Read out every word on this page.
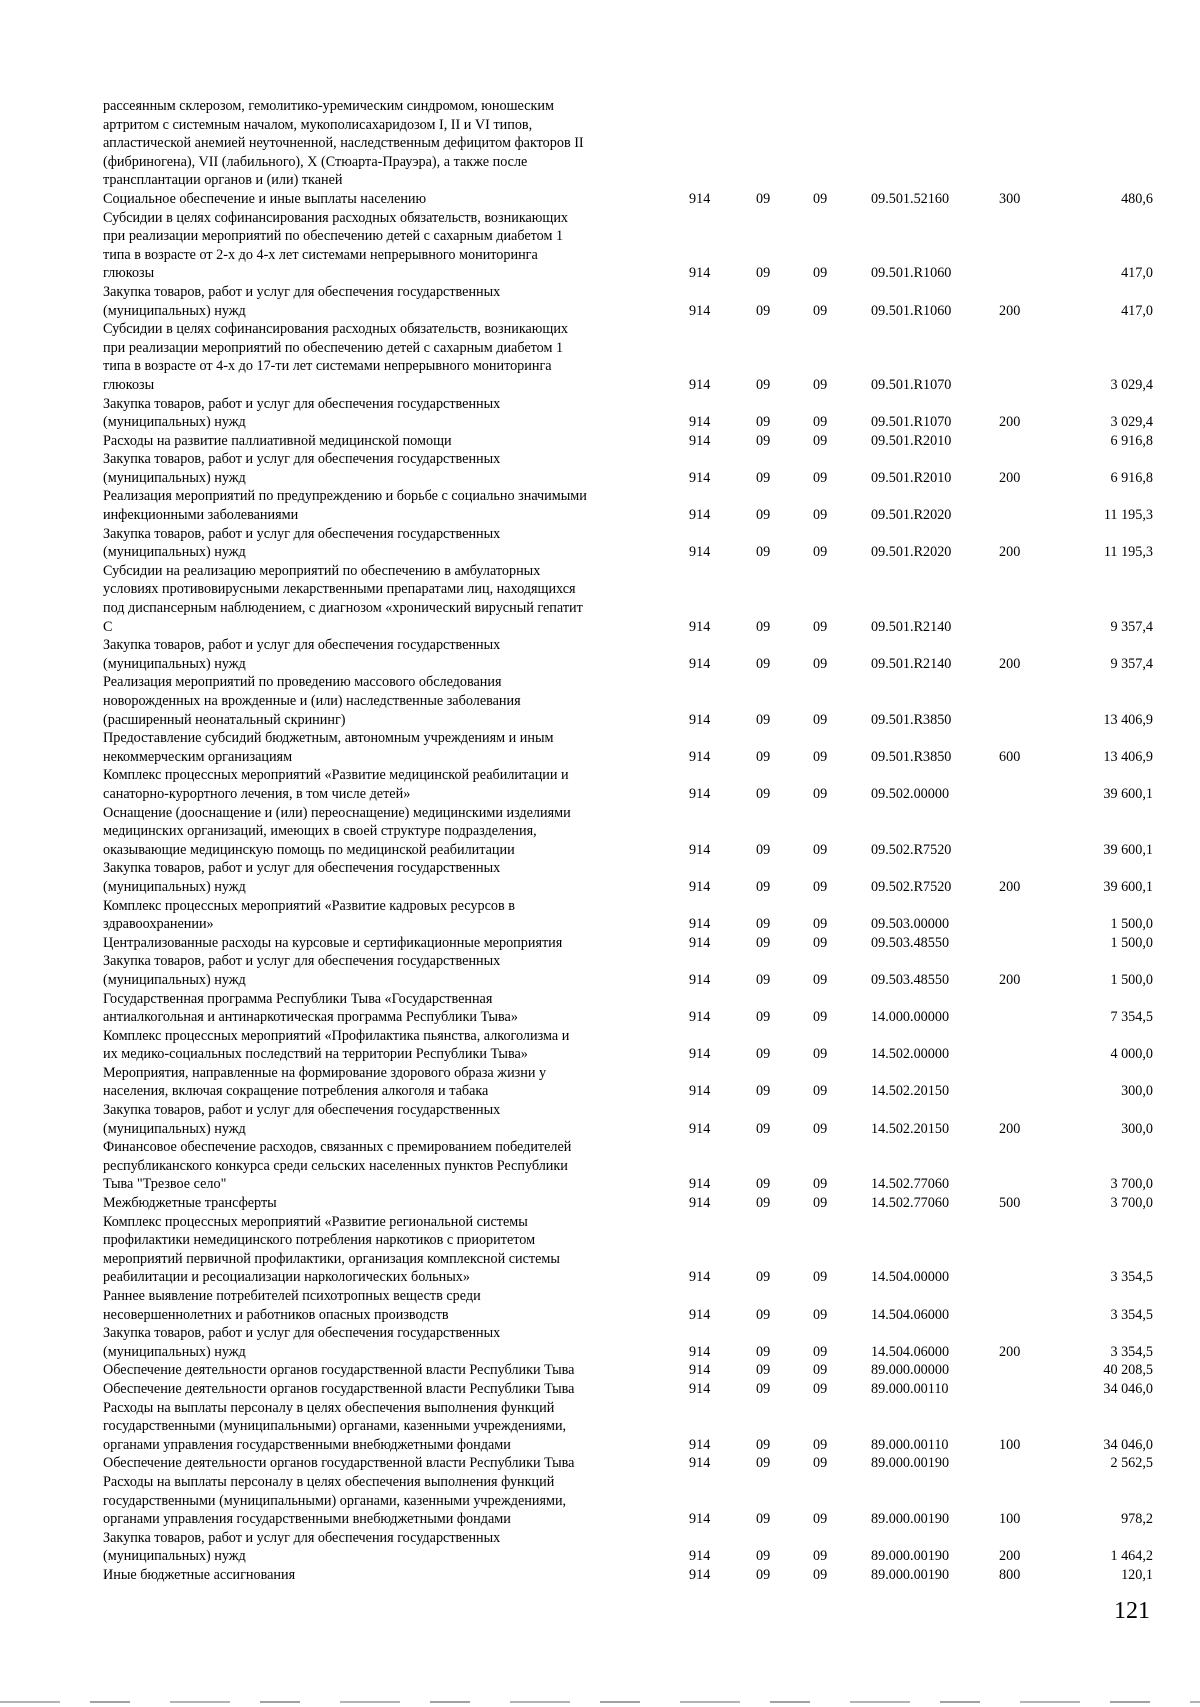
рассеянным склерозом, гемолитико-уремическим синдромом, юношеским
артритом с системным началом, мукополисахаридозом I, II и VI типов,
апластической анемией неуточненной, наследственным дефицитом факторов II
(фибриногена), VII (лабильного), X (Стюарта-Прауэра), а также после
трансплантации органов и (или) тканей						
Социальное обеспечение и иные выплаты населению	914	09	09	09.501.52160	300	480,6
Субсидии в целях софинансирования расходных обязательств, возникающих
при реализации мероприятий по обеспечению детей с сахарным диабетом 1
типа в возрасте от 2-х до 4-х лет системами непрерывного мониторинга
глюкозы	914	09	09	09.501.R1060		417,0
Закупка товаров, работ и услуг для обеспечения государственных
(муниципальных) нужд	914	09	09	09.501.R1060	200	417,0
Субсидии в целях софинансирования расходных обязательств, возникающих
при реализации мероприятий по обеспечению детей с сахарным диабетом 1
типа в возрасте от 4-х до 17-ти лет системами непрерывного мониторинга
глюкозы	914	09	09	09.501.R1070		3 029,4
Закупка товаров, работ и услуг для обеспечения государственных
(муниципальных) нужд	914	09	09	09.501.R1070	200	3 029,4
Расходы на развитие паллиативной медицинской помощи	914	09	09	09.501.R2010		6 916,8
Закупка товаров, работ и услуг для обеспечения государственных
(муниципальных) нужд	914	09	09	09.501.R2010	200	6 916,8
Реализация мероприятий по предупреждению и борьбе с социально значимыми
инфекционными заболеваниями	914	09	09	09.501.R2020		11 195,3
Закупка товаров, работ и услуг для обеспечения государственных
(муниципальных) нужд	914	09	09	09.501.R2020	200	11 195,3
Субсидии на реализацию мероприятий по обеспечению в амбулаторных
условиях противовирусными лекарственными препаратами лиц, находящихся
под диспансерным наблюдением, с диагнозом «хронический вирусный гепатит
C	914	09	09	09.501.R2140		9 357,4
Закупка товаров, работ и услуг для обеспечения государственных
(муниципальных) нужд	914	09	09	09.501.R2140	200	9 357,4
Реализация мероприятий по проведению массового обследования
новорожденных на врожденные и (или) наследственные заболевания
(расширенный неонатальный скрининг)	914	09	09	09.501.R3850		13 406,9
Предоставление субсидий бюджетным, автономным учреждениям и иным
некоммерческим организациям	914	09	09	09.501.R3850	600	13 406,9
Комплекс процессных мероприятий «Развитие медицинской реабилитации и
санаторно-курортного лечения, в том числе детей»	914	09	09	09.502.00000		39 600,1
Оснащение (дооснащение и (или) переоснащение) медицинскими изделиями
медицинских организаций, имеющих в своей структуре подразделения,
оказывающие медицинскую помощь по медицинской реабилитации	914	09	09	09.502.R7520		39 600,1
Закупка товаров, работ и услуг для обеспечения государственных
(муниципальных) нужд	914	09	09	09.502.R7520	200	39 600,1
Комплекс процессных мероприятий «Развитие кадровых ресурсов в
здравоохранении»	914	09	09	09.503.00000		1 500,0
Централизованные расходы на курсовые и сертификационные мероприятия	914	09	09	09.503.48550		1 500,0
Закупка товаров, работ и услуг для обеспечения государственных
(муниципальных) нужд	914	09	09	09.503.48550	200	1 500,0
Государственная программа Республики Тыва «Государственная
антиалкогольная и антинаркотическая программа Республики Тыва»	914	09	09	14.000.00000		7 354,5
Комплекс процессных мероприятий «Профилактика пьянства, алкоголизма и
их медико-социальных последствий на территории Республики Тыва»	914	09	09	14.502.00000		4 000,0
Мероприятия, направленные на формирование здорового образа жизни у
населения, включая сокращение потребления алкоголя и табака	914	09	09	14.502.20150		300,0
Закупка товаров, работ и услуг для обеспечения государственных
(муниципальных) нужд	914	09	09	14.502.20150	200	300,0
Финансовое обеспечение расходов, связанных с премированием победителей
республиканского конкурса среди сельских населенных пунктов Республики
Тыва "Трезвое село"	914	09	09	14.502.77060		3 700,0
Межбюджетные трансферты	914	09	09	14.502.77060	500	3 700,0
Комплекс процессных мероприятий «Развитие региональной системы
профилактики немедицинского потребления наркотиков с приоритетом
мероприятий первичной профилактики, организация комплексной системы
реабилитации и ресоциализации наркологических больных»	914	09	09	14.504.00000		3 354,5
Раннее выявление потребителей психотропных веществ среди
несовершеннолетних и работников опасных производств	914	09	09	14.504.06000		3 354,5
Закупка товаров, работ и услуг для обеспечения государственных
(муниципальных) нужд	914	09	09	14.504.06000	200	3 354,5
Обеспечение деятельности органов государственной власти Республики Тыва	914	09	09	89.000.00000		40 208,5
Обеспечение деятельности органов государственной власти Республики Тыва	914	09	09	89.000.00110		34 046,0
Расходы на выплаты персоналу в целях обеспечения выполнения функций
государственными (муниципальными) органами, казенными учреждениями,
органами управления государственными внебюджетными фондами	914	09	09	89.000.00110	100	34 046,0
Обеспечение деятельности органов государственной власти Республики Тыва	914	09	09	89.000.00190		2 562,5
Расходы на выплаты персоналу в целях обеспечения выполнения функций
государственными (муниципальными) органами, казенными учреждениями,
органами управления государственными внебюджетными фондами	914	09	09	89.000.00190	100	978,2
Закупка товаров, работ и услуг для обеспечения государственных
(муниципальных) нужд	914	09	09	89.000.00190	200	1 464,2
Иные бюджетные ассигнования	914	09	09	89.000.00190	800	120,1
121
